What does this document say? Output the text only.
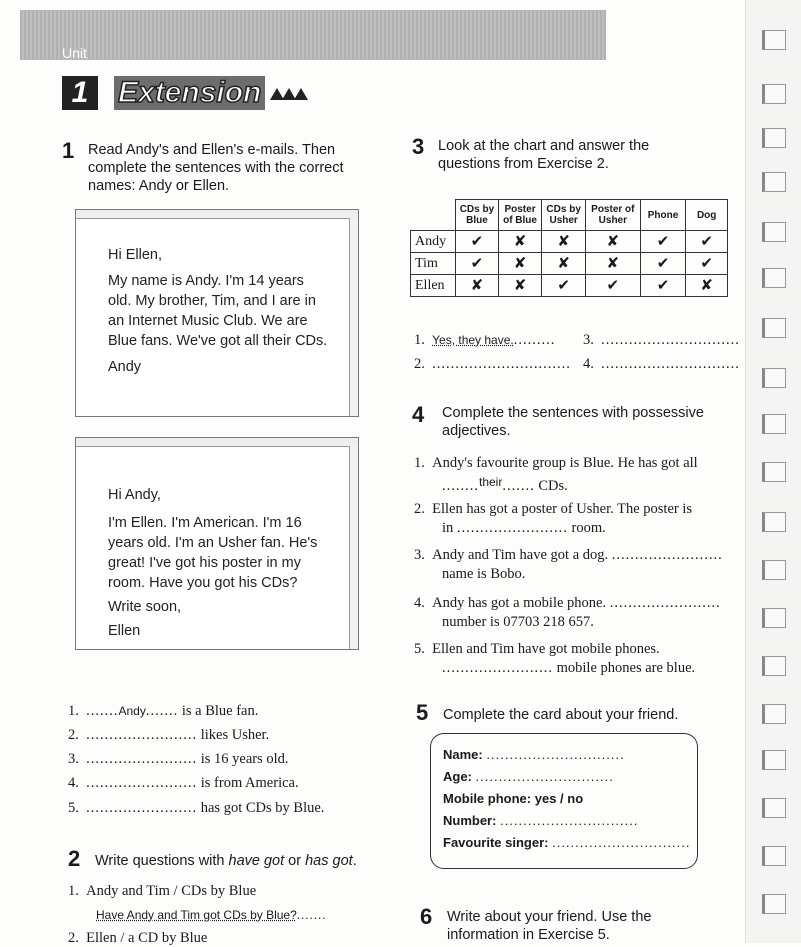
Unit
1 Extension
1 Read Andy's and Ellen's e-mails. Then complete the sentences with the correct names: Andy or Ellen.

Hi Ellen,

My name is Andy. I'm 14 years old. My brother, Tim, and I are in an Internet Music Club. We are Blue fans. We've got all their CDs.

Andy

Hi Andy,

I'm Ellen. I'm American. I'm 16 years old. I'm an Usher fan. He's great! I've got his poster in my room. Have you got his CDs?

Write soon,

Ellen

1. .......Andy....... is a Blue fan.
2. ........................ likes Usher.
3. ........................ is 16 years old.
4. ........................ is from America.
5. ........................ has got CDs by Blue.
2 Write questions with have got or has got.
1. Andy and Tim / CDs by Blue
Have Andy and Tim got CDs by Blue?.......
2. Ellen / a CD by Blue
3 Look at the chart and answer the questions from Exercise 2.
	CDs by Blue	Poster of Blue	CDs by Usher	Poster of Usher	Phone	Dog
Andy	✔	✘	✘	✘	✔	✔
Tim	✔	✘	✘	✘	✔	✔
Ellen	✘	✘	✔	✔	✔	✘
1. Yes, they have.......... 3. ..............................
2. .............................. 4. ..............................
4 Complete the sentences with possessive adjectives.
1. Andy's favourite group is Blue. He has got all
........$^{their}$....... CDs.
2. Ellen has got a poster of Usher. The poster is
in ........................ room.
3. Andy and Tim have got a dog. ........................
name is Bobo.
4. Andy has got a mobile phone. ........................
number is 07703 218 657.
5. Ellen and Tim have got mobile phones.
........................ mobile phones are blue.
5 Complete the card about your friend.
Name: ..............................
Age: ..............................
Mobile phone: yes / no
Number: ..............................
Favourite singer: ..............................
6 Write about your friend. Use the information in Exercise 5.
